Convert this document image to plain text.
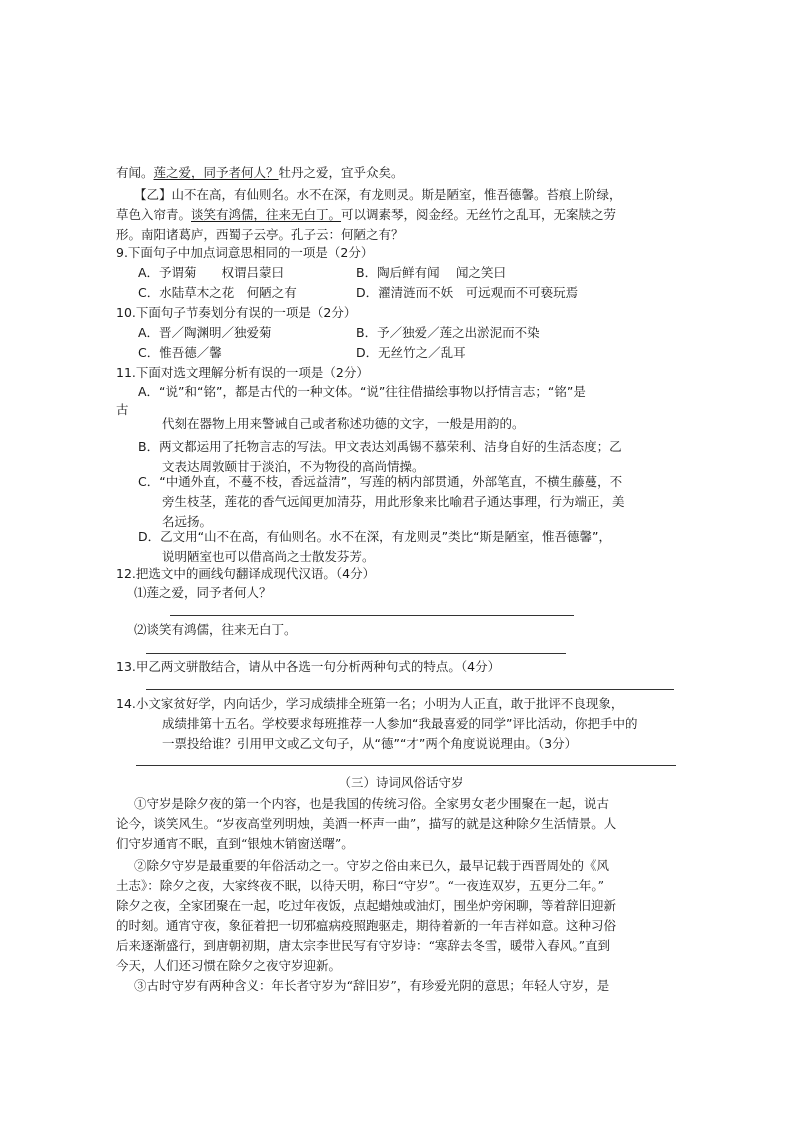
有闻。莲之爱，同予者何人？牡丹之爱，宜乎众矣。
【乙】山不在高，有仙则名。水不在深，有龙则灵。斯是陋室，惟吾德馨。苔痕上阶绿，
草色入帘青。谈笑有鸿儒，往来无白丁。可以调素琴，阅金经。无丝竹之乱耳，无案牍之劳
形。南阳诸葛庐，西蜀子云亭。孔子云：何陋之有？
9.下面句子中加点词意思相同的一项是（2分）
A．予谓菊　　权谓吕蒙曰	B．陶后鲜有闻　 闻之笑曰
C．水陆草木之花　何陋之有	D．濯清涟而不妖　可远观而不可亵玩焉
10.下面句子节奏划分有误的一项是（2分）
A．晋／陶渊明／独爱菊	B．予／独爱／莲之出淤泥而不染
C．惟吾德／馨	D．无丝竹之／乱耳
11.下面对选文理解分析有误的一项是（2分）
A．“说”和“铭”，都是古代的一种文体。“说”往往借描绘事物以抒情言志；“铭”是
古
代刻在器物上用来警诫自己或者称述功德的文字，一般是用韵的。
B．两文都运用了托物言志的写法。甲文表达刘禹锡不慕荣利、洁身自好的生活态度；乙
文表达周敦颐甘于淡泊，不为物役的高尚情操。
C．“中通外直，不蔓不枝，香远益清”，写莲的柄内部贯通，外部笔直，不横生藤蔓，不
旁生枝茎，莲花的香气远闻更加清芬，用此形象来比喻君子通达事理，行为端正，美
名远扬。
D．乙文用“山不在高，有仙则名。水不在深，有龙则灵”类比“斯是陋室，惟吾德馨”，
说明陋室也可以借高尚之士散发芬芳。
12.把选文中的画线句翻译成现代汉语。（4分）
⑴莲之爱，同予者何人？
⑵谈笑有鸿儒，往来无白丁。
13.甲乙两文骈散结合，请从中各选一句分析两种句式的特点。（4分）
14.小文家贫好学，内向话少，学习成绩排全班第一名；小明为人正直，敢于批评不良现象，
成绩排第十五名。学校要求每班推荐一人参加“我最喜爱的同学”评比活动，你把手中的
一票投给谁？引用甲文或乙文句子，从“德”“才”两个角度说说理由。（3分）
（三）诗词风俗话守岁
①守岁是除夕夜的第一个内容，也是我国的传统习俗。全家男女老少围聚在一起，说古
论今，谈笑风生。“岁夜高堂列明烛，美酒一杯声一曲”，描写的就是这种除夕生活情景。人
们守岁通宵不眠，直到“银烛木销窗送曙”。
②除夕守岁是最重要的年俗活动之一。守岁之俗由来已久，最早记载于西晋周处的《风
土志》：除夕之夜，大家终夜不眠，以待天明，称曰“守岁”。“一夜连双岁，五更分二年。”
除夕之夜，全家团聚在一起，吃过年夜饭，点起蜡烛或油灯，围坐炉旁闲聊，等着辞旧迎新
的时刻。通宵守夜，象征着把一切邪瘟病疫照跑驱走，期待着新的一年吉祥如意。这种习俗
后来逐渐盛行，到唐朝初期，唐太宗李世民写有守岁诗：“寒辞去冬雪，暖带入春风。”直到
今天，人们还习惯在除夕之夜守岁迎新。
③古时守岁有两种含义：年长者守岁为“辞旧岁”，有珍爱光阴的意思；年轻人守岁，是
